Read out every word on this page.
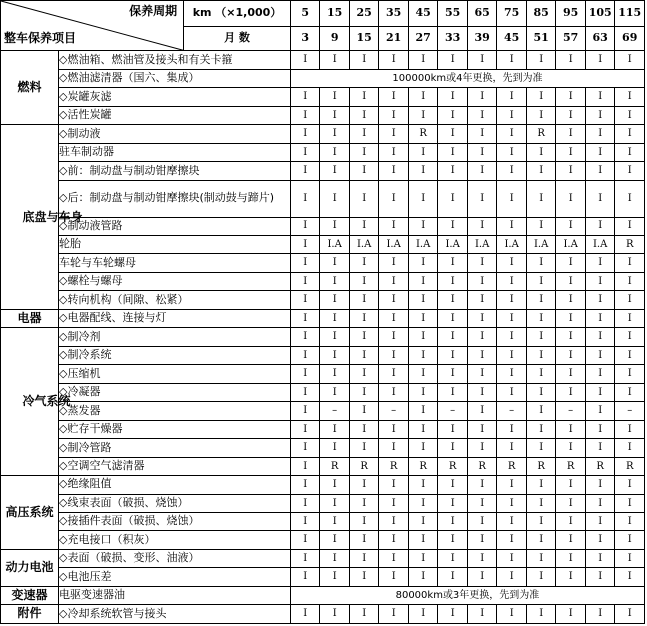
保养周期
整车保养项目		km （×1,000）	5	15	25	35	45	55	65	75	85	95	105	115
		月 数	3	9	15	21	27	33	39	45	51	57	63	69
燃料	◇燃油箱、燃油管及接头和有关卡箍		I	I	I	I	I	I	I	I	I	I	I	I
	◇燃油滤清器（国六、集成）		100000km或4年更换，先到为准											
	◇炭罐灰滤		I	I	I	I	I	I	I	I	I	I	I	I
	◇活性炭罐		I	I	I	I	I	I	I	I	I	I	I	I
底盘与车身	◇制动液		I	I	I	I	R	I	I	I	R	I	I	I
	驻车制动器		I	I	I	I	I	I	I	I	I	I	I	I
	◇前：制动盘与制动钳摩擦块		I	I	I	I	I	I	I	I	I	I	I	I
	◇后：制动盘与制动钳摩擦块(制动鼓与蹄片)		I	I	I	I	I	I	I	I	I	I	I	I
	◇制动液管路		I	I	I	I	I	I	I	I	I	I	I	I
	轮胎		I	I.A	I.A	I.A	I.A	I.A	I.A	I.A	I.A	I.A	I.A	R
	车轮与车轮螺母		I	I	I	I	I	I	I	I	I	I	I	I
	◇螺栓与螺母		I	I	I	I	I	I	I	I	I	I	I	I
	◇转向机构（间隙、松紧）		I	I	I	I	I	I	I	I	I	I	I	I
电器	◇电器配线、连接与灯		I	I	I	I	I	I	I	I	I	I	I	I
冷气系统	◇制冷剂		I	I	I	I	I	I	I	I	I	I	I	I
	◇制冷系统		I	I	I	I	I	I	I	I	I	I	I	I
	◇压缩机		I	I	I	I	I	I	I	I	I	I	I	I
	◇冷凝器		I	I	I	I	I	I	I	I	I	I	I	I
	◇蒸发器		I	–	I	–	I	–	I	–	I	–	I	–
	◇贮存干燥器		I	I	I	I	I	I	I	I	I	I	I	I
	◇制冷管路		I	I	I	I	I	I	I	I	I	I	I	I
	◇空调空气滤清器		I	R	R	R	R	R	R	R	R	R	R	R
高压系统	◇绝缘阻值		I	I	I	I	I	I	I	I	I	I	I	I
	◇线束表面（破损、烧蚀）		I	I	I	I	I	I	I	I	I	I	I	I
	◇接插件表面（破损、烧蚀）		I	I	I	I	I	I	I	I	I	I	I	I
	◇充电接口（积灰）		I	I	I	I	I	I	I	I	I	I	I	I
动力电池	◇表面（破损、变形、油液）		I	I	I	I	I	I	I	I	I	I	I	I
	◇电池压差		I	I	I	I	I	I	I	I	I	I	I	I
变速器	电驱变速器油		80000km或3年更换，先到为准											
附件	◇冷却系统软管与接头		I	I	I	I	I	I	I	I	I	I	I	I
